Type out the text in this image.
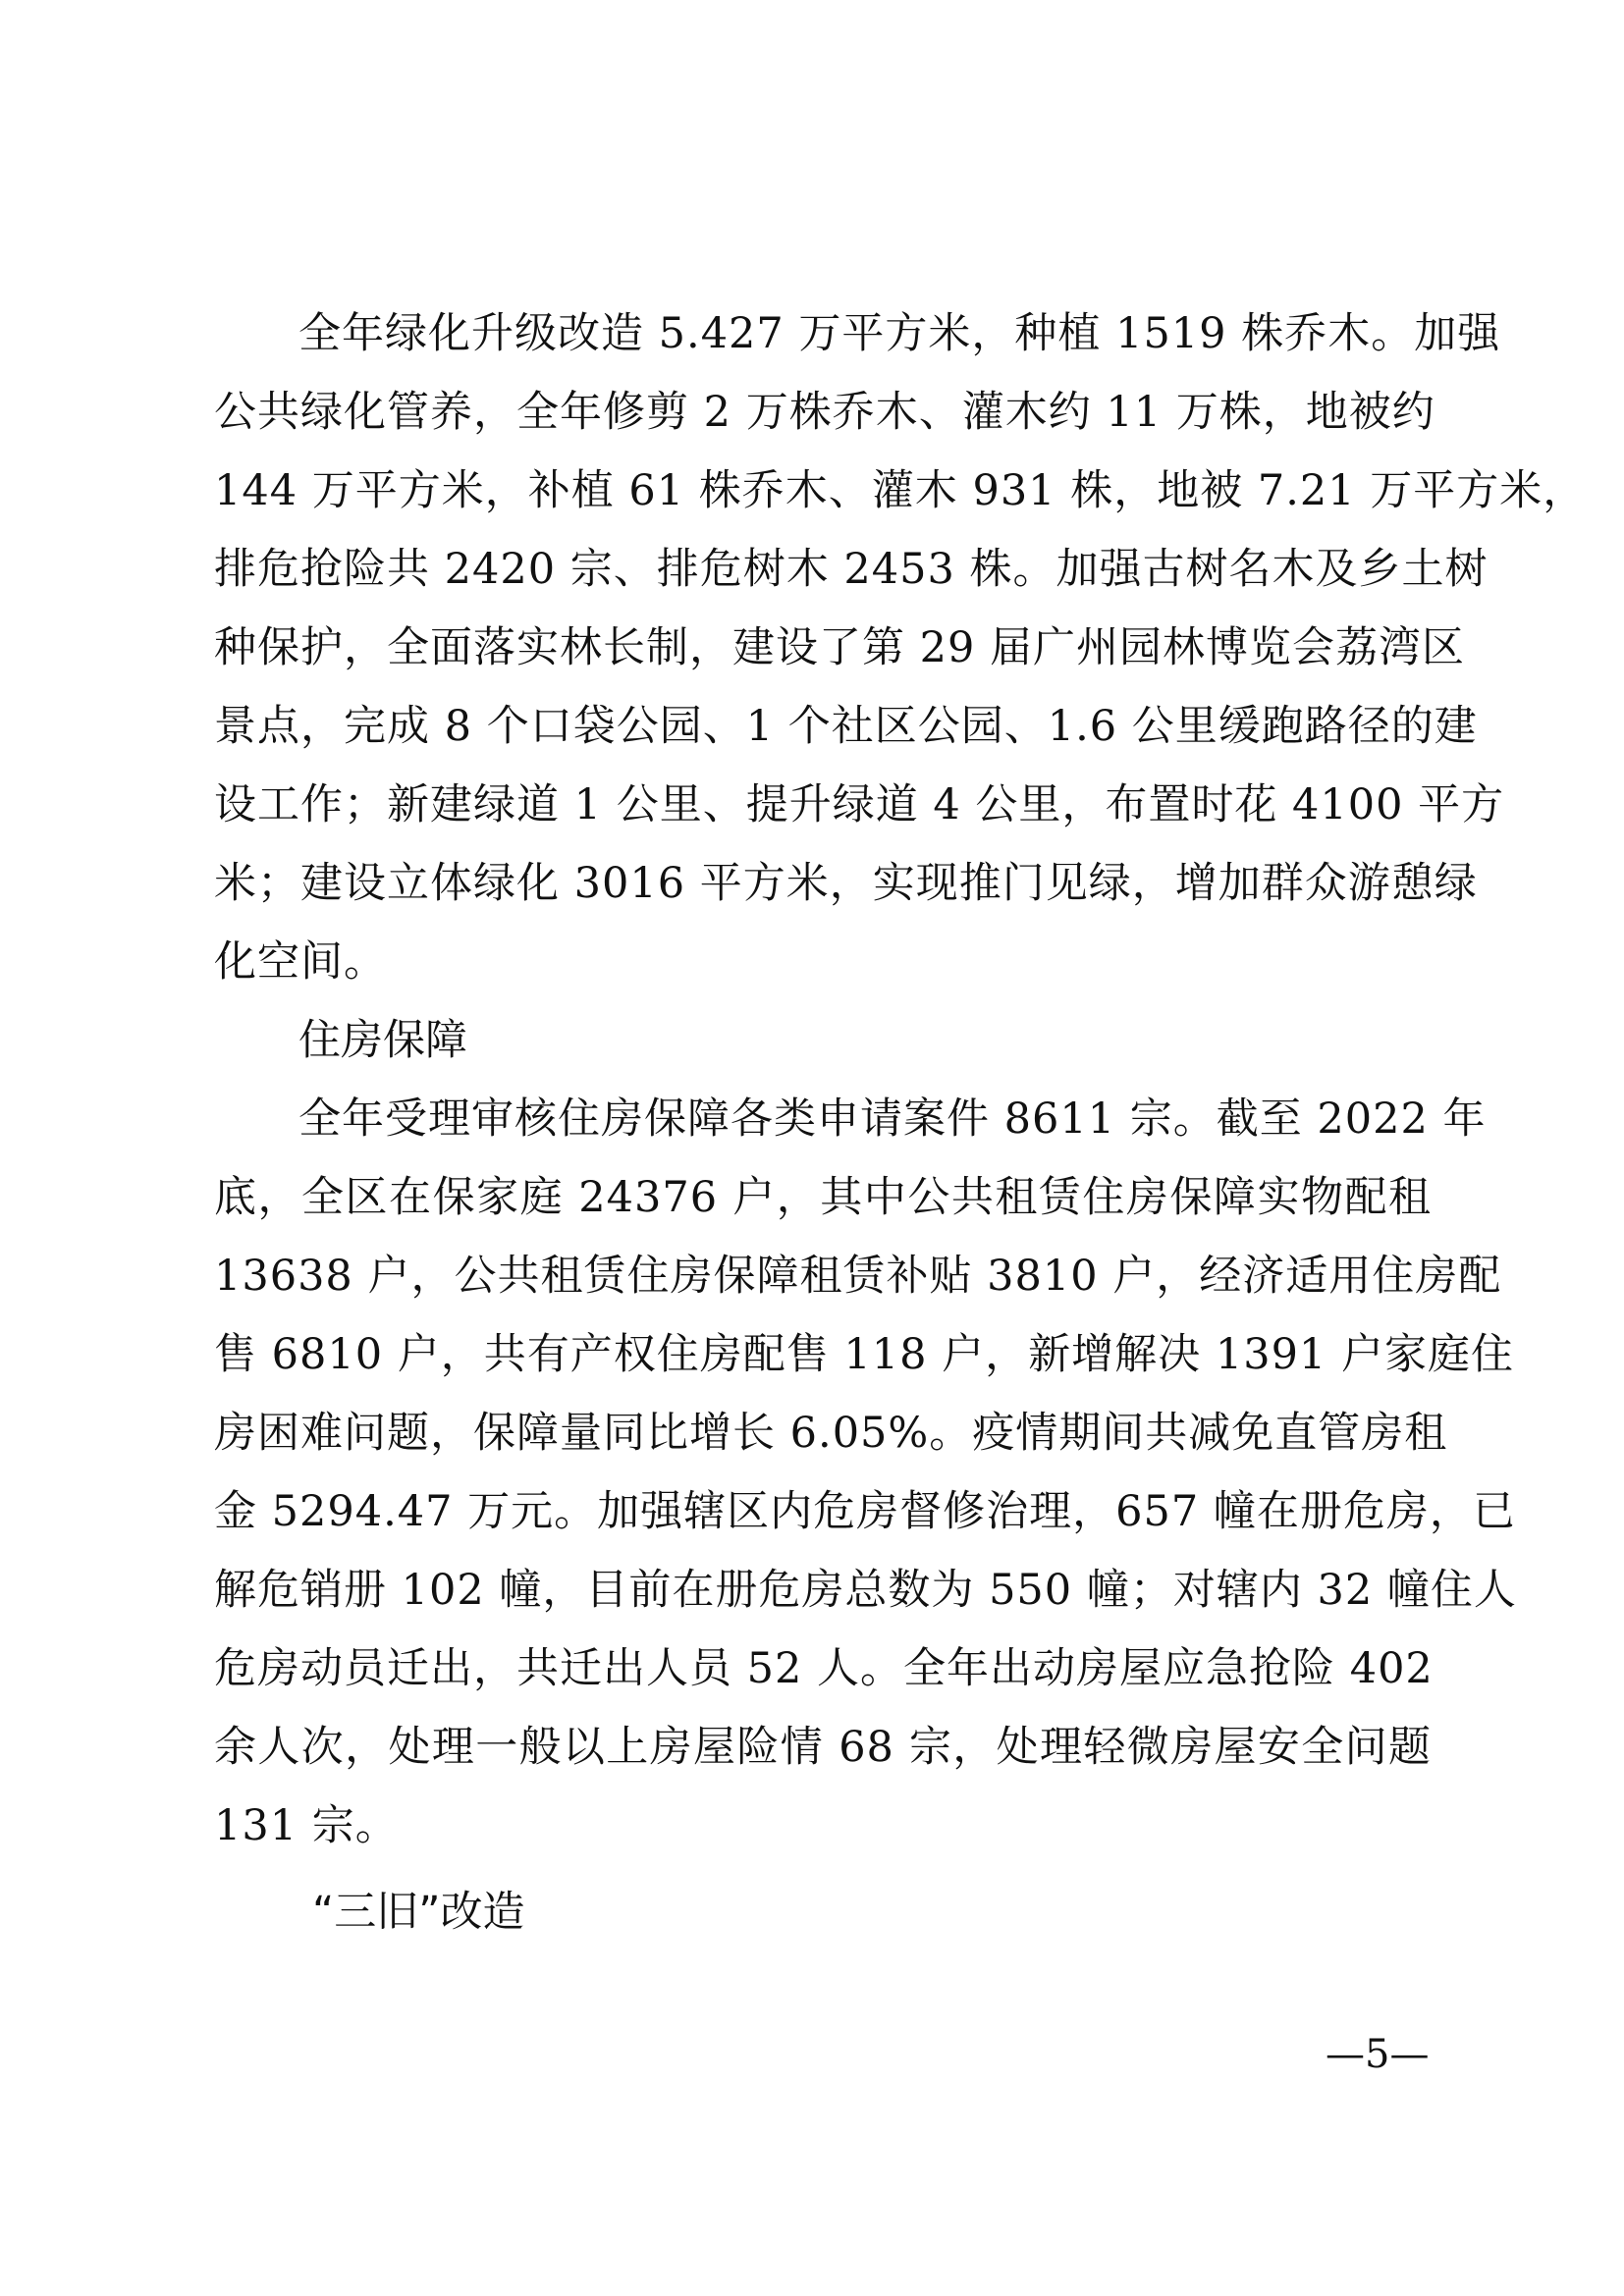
全年绿化升级改造 5.427 万平方米，种植 1519 株乔木。加强
公共绿化管养，全年修剪 2 万株乔木、灌木约 11 万株，地被约
144 万平方米，补植 61 株乔木、灌木 931 株，地被 7.21 万平方米，
排危抢险共 2420 宗、排危树木 2453 株。加强古树名木及乡土树
种保护，全面落实林长制，建设了第 29 届广州园林博览会荔湾区
景点，完成 8 个口袋公园、1 个社区公园、1.6 公里缓跑路径的建
设工作；新建绿道 1 公里、提升绿道 4 公里，布置时花 4100 平方
米；建设立体绿化 3016 平方米，实现推门见绿，增加群众游憩绿
化空间。

住房保障

全年受理审核住房保障各类申请案件 8611 宗。截至 2022 年
底，全区在保家庭 24376 户，其中公共租赁住房保障实物配租
13638 户，公共租赁住房保障租赁补贴 3810 户，经济适用住房配
售 6810 户，共有产权住房配售 118 户，新增解决 1391 户家庭住
房困难问题，保障量同比增长 6.05%。疫情期间共减免直管房租
金 5294.47 万元。加强辖区内危房督修治理，657 幢在册危房，已
解危销册 102 幢，目前在册危房总数为 550 幢；对辖内 32 幢住人
危房动员迁出，共迁出人员 52 人。全年出动房屋应急抢险 402
余人次，处理一般以上房屋险情 68 宗，处理轻微房屋安全问题
131 宗。

“三旧”改造
—5—
